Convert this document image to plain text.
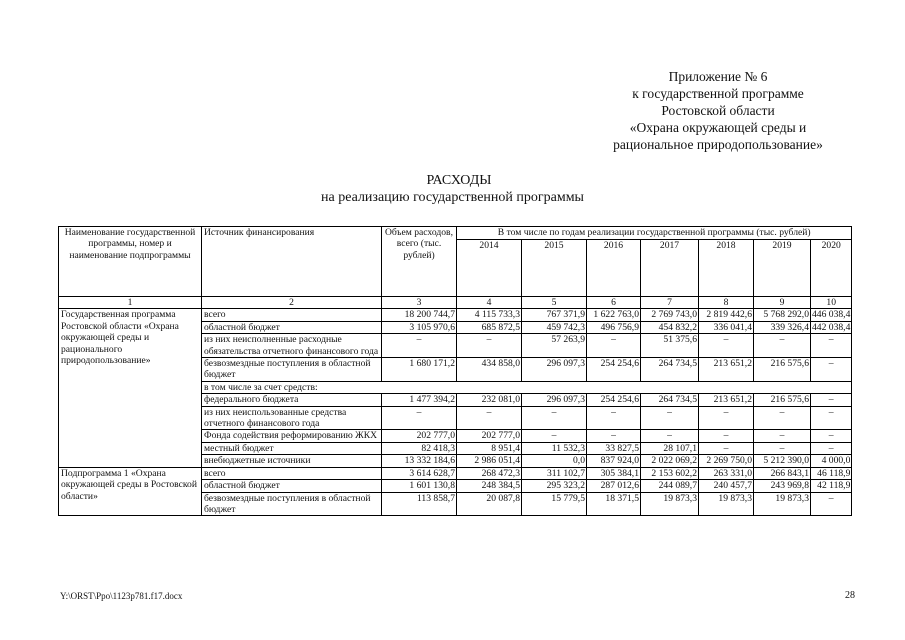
Приложение № 6
к государственной программе
Ростовской области
«Охрана окружающей среды и
рациональное природопользование»
РАСХОДЫ
на реализацию государственной программы
Наименование государственной программы, номер и наименование подпрограммы	Источник финансирования	Объем расходов, всего (тыс. рублей)	В том числе по годам реализации государственной программы (тыс. рублей)						
			2014	2015	2016	2017	2018	2019	2020
1	2	3	4	5	6	7	8	9	10
Государственная программа Ростовской области «Охрана окружающей среды и рационального природопользование»	всего	18 200 744,7	4 115 733,3	767 371,9	1 622 763,0	2 769 743,0	2 819 442,6	5 768 292,0	446 038,4
	областной бюджет	3 105 970,6	685 872,5	459 742,3	496 756,9	454 832,2	336 041,4	339 326,4	442 038,4
	из них неисполненные расходные обязательства отчетного финансового года	–	–	57 263,9	–	51 375,6	–	–	–
	безвозмездные поступления в областной бюджет	1 680 171,2	434 858,0	296 097,3	254 254,6	264 734,5	213 651,2	216 575,6	–
	в том числе за счет средств:								
	федерального бюджета	1 477 394,2	232 081,0	296 097,3	254 254,6	264 734,5	213 651,2	216 575,6	–
	из них неиспользованные средства отчетного финансового года	–	–	–	–	–	–	–	–
	Фонда содействия реформированию ЖКХ	202 777,0	202 777,0	–	–	–	–	–	–
	местный бюджет	82 418,3	8 951,4	11 532,3	33 827,5	28 107,1	–	–	–
	внебюджетные источники	13 332 184,6	2 986 051,4	0,0	837 924,0	2 022 069,2	2 269 750,0	5 212 390,0	4 000,0
Подпрограмма 1 «Охрана окружающей среды в Ростовской области»	всего	3 614 628,7	268 472,3	311 102,7	305 384,1	2 153 602,2	263 331,0	266 843,1	46 118,9
	областной бюджет	1 601 130,8	248 384,5	295 323,2	287 012,6	244 089,7	240 457,7	243 969,8	42 118,9
	безвозмездные поступления в областной бюджет	113 858,7	20 087,8	15 779,5	18 371,5	19 873,3	19 873,3	19 873,3	–
Y:\ORST\Ppo\1123p781.f17.docx	28
